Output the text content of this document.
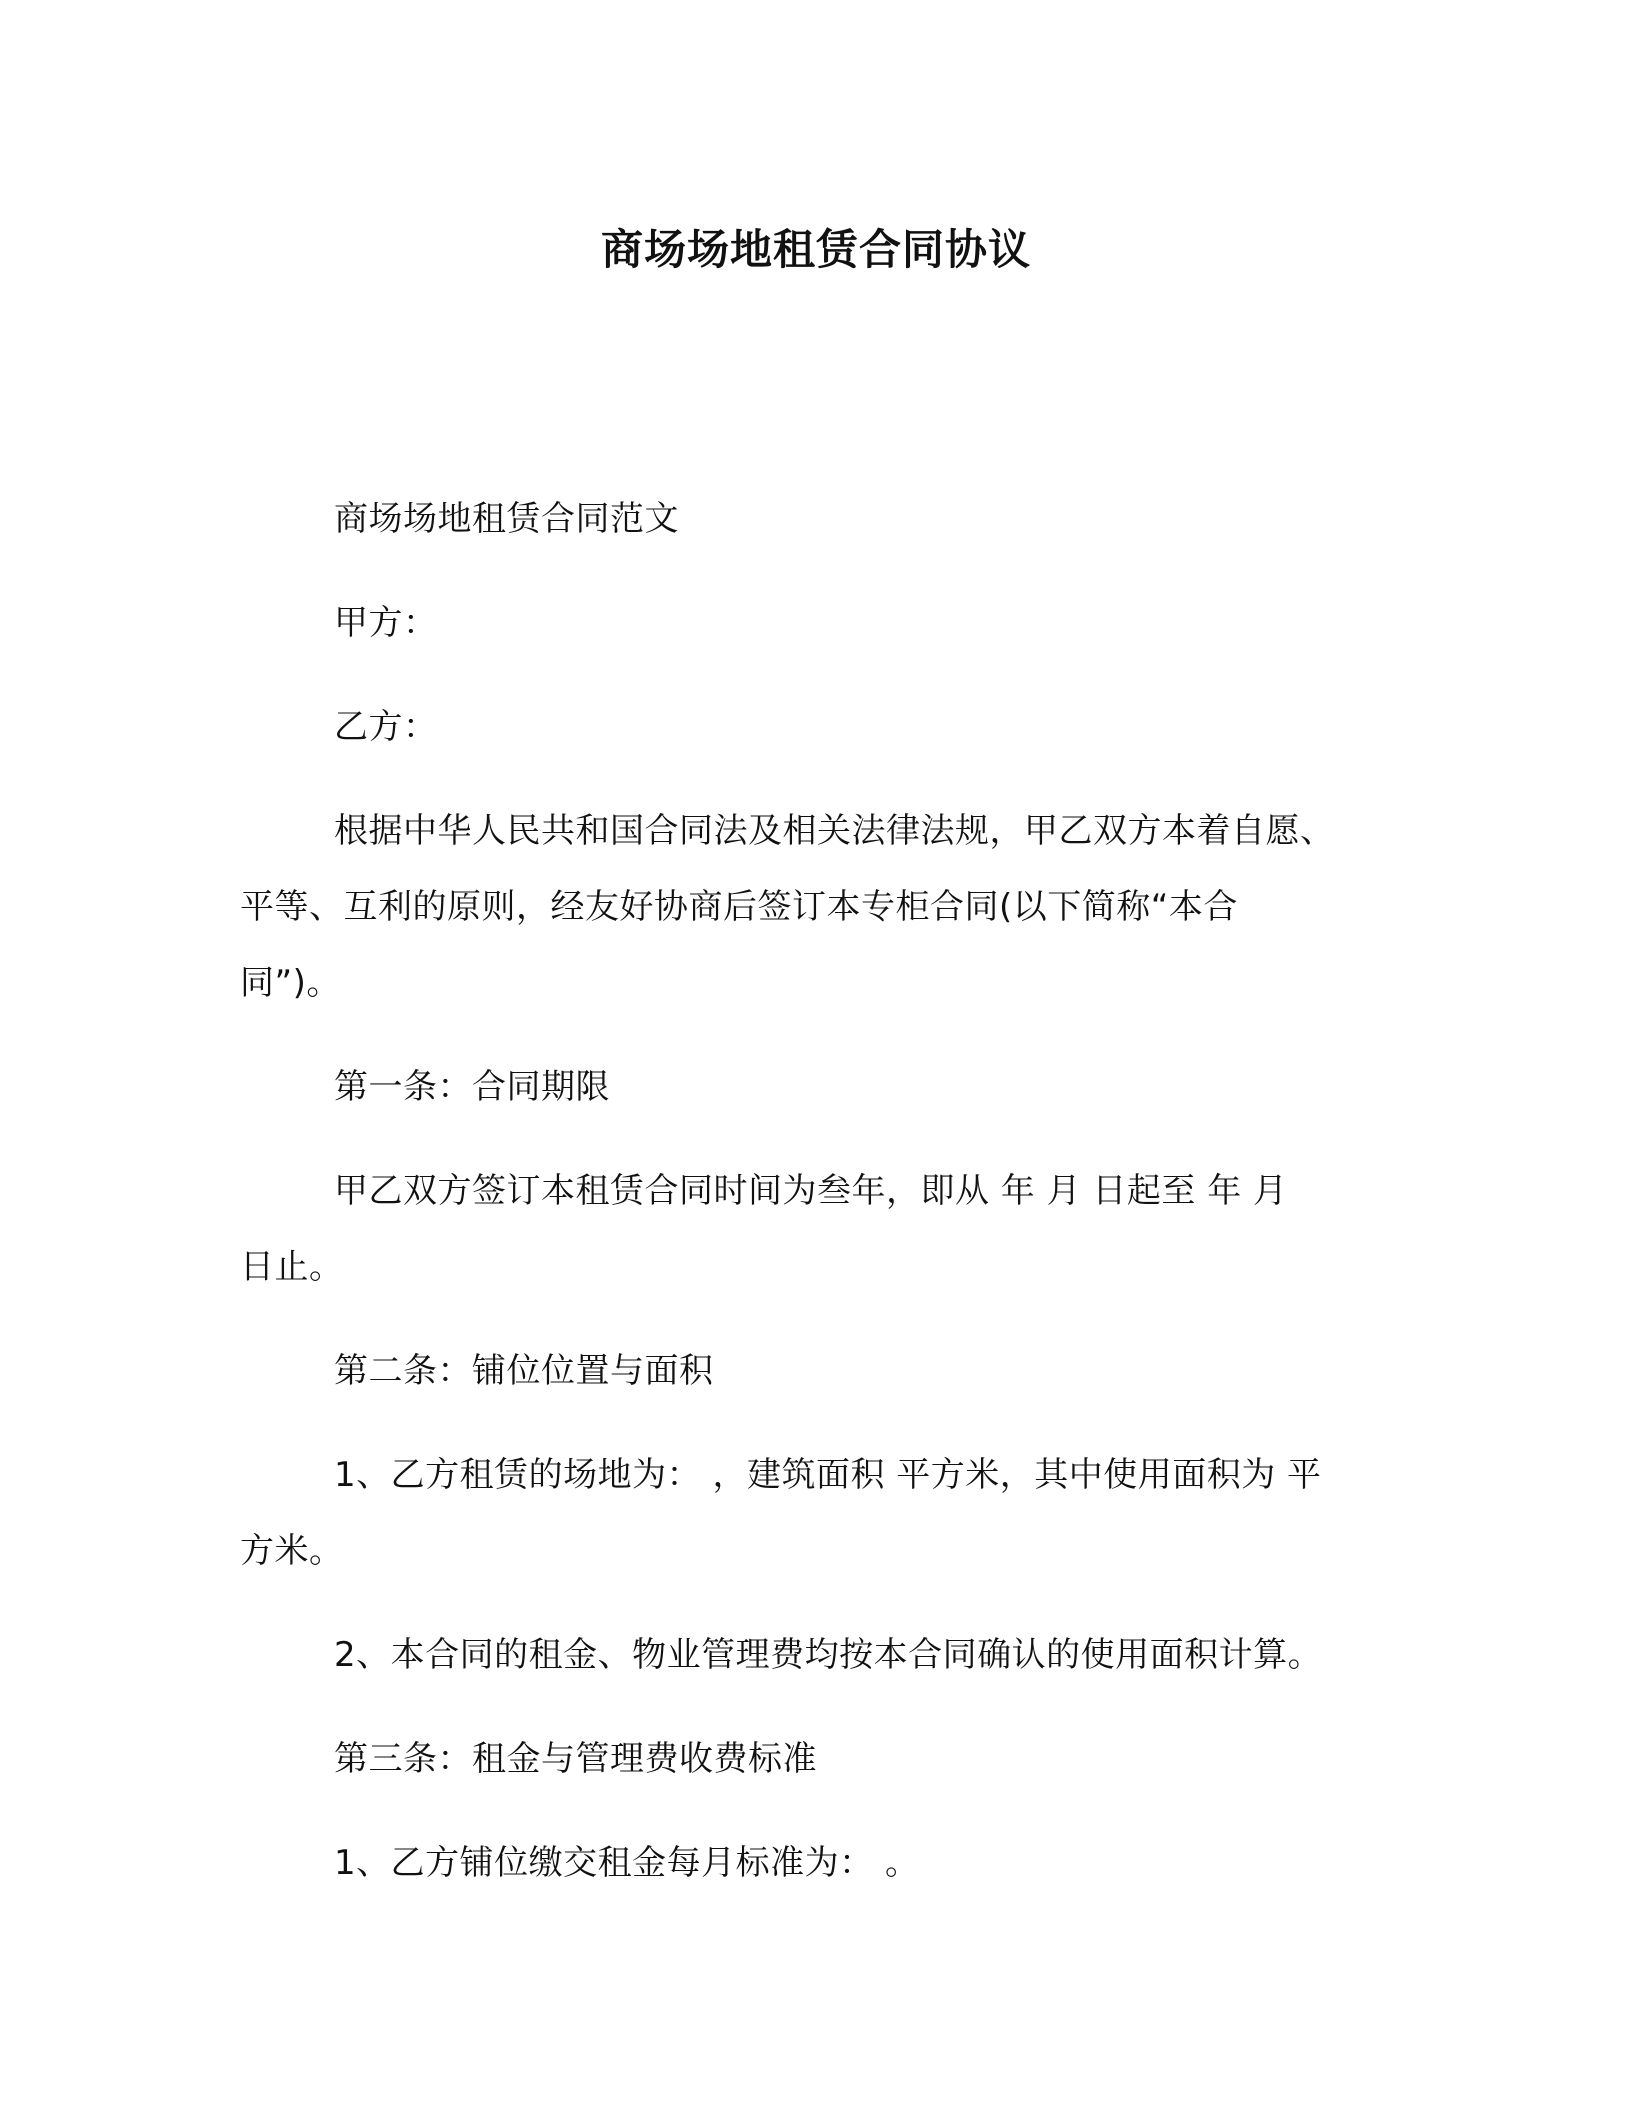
商场场地租赁合同协议
商场场地租赁合同范文
甲方：
乙方：
根据中华人民共和国合同法及相关法律法规，甲乙双方本着自愿、
平等、互利的原则，经友好协商后签订本专柜合同(以下简称“本合
同”)。
第一条：合同期限
甲乙双方签订本租赁合同时间为叁年，即从 年 月 日起至 年 月
日止。
第二条：铺位位置与面积
1、乙方租赁的场地为： ，建筑面积 平方米，其中使用面积为 平
方米。
2、本合同的租金、物业管理费均按本合同确认的使用面积计算。
第三条：租金与管理费收费标准
1、乙方铺位缴交租金每月标准为： 。
